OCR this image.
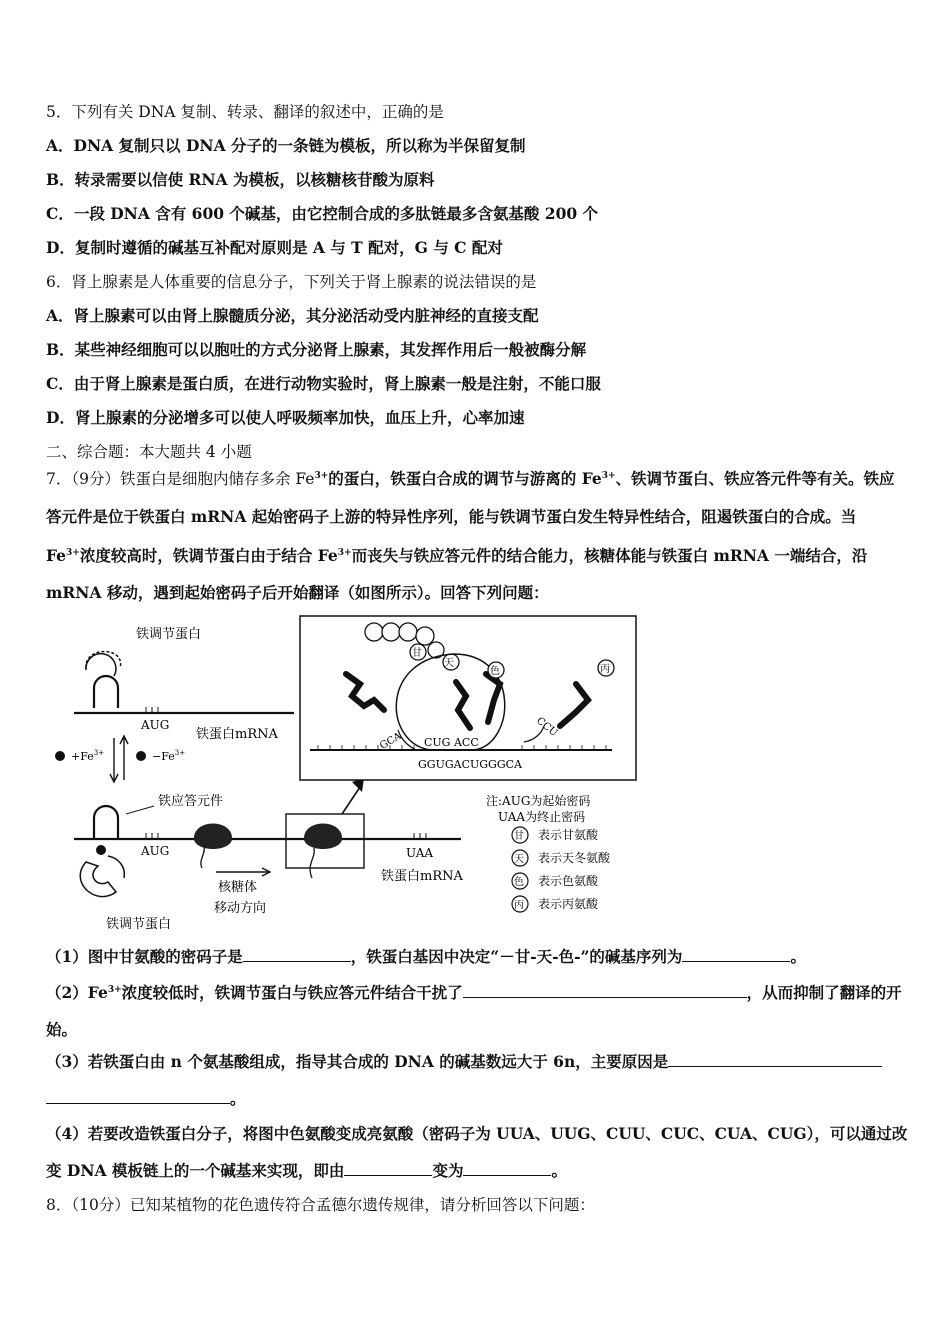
5．下列有关 DNA 复制、转录、翻译的叙述中，正确的是
A．DNA 复制只以 DNA 分子的一条链为模板，所以称为半保留复制
B．转录需要以信使 RNA 为模板，以核糖核苷酸为原料
C．一段 DNA 含有 600 个碱基，由它控制合成的多肽链最多含氨基酸 200 个
D．复制时遵循的碱基互补配对原则是 A 与 T 配对，G 与 C 配对
6．肾上腺素是人体重要的信息分子，下列关于肾上腺素的说法错误的是
A．肾上腺素可以由肾上腺髓质分泌，其分泌活动受内脏神经的直接支配
B．某些神经细胞可以以胞吐的方式分泌肾上腺素，其发挥作用后一般被酶分解
C．由于肾上腺素是蛋白质，在进行动物实验时，肾上腺素一般是注射，不能口服
D．肾上腺素的分泌增多可以使人呼吸频率加快，血压上升，心率加速
二、综合题：本大题共 4 小题
7．（9分）铁蛋白是细胞内储存多余 $Fe^{3+}$的蛋白，铁蛋白合成的调节与游离的 $Fe^{3+}$、铁调节蛋白、铁应答元件等有关。铁应答元件是位于铁蛋白 mRNA 起始密码子上游的特异性序列，能与铁调节蛋白发生特异性结合，阻遏铁蛋白的合成。当 $Fe^{3+}$浓度较高时，铁调节蛋白由于结合 $Fe^{3+}$而丧失与铁应答元件的结合能力，核糖体能与铁蛋白 mRNA 一端结合，沿 mRNA 移动，遇到起始密码子后开始翻译（如图所示）。回答下列问题：
铁调节蛋白
AUG
铁蛋白mRNA
$+Fe^{3+}$	$-Fe^{3+}$
铁应答元件
AUG	UAA
铁蛋白mRNA
铁调节蛋白
核糖体
移动方向
天
甘
色	丙
GCA
CCU
CUG ACC
GGUGACUGGGCA
注:AUG为起始密码
UAA为终止密码
甘 表示甘氨酸
天 表示天冬氨酸
色 表示色氨酸
丙 表示丙氨酸
（1）图中甘氨酸的密码子是	，铁蛋白基因中决定“－甘-天-色-”的碱基序列为	。
$(2)Fe^{3+}$浓度较低时，铁调节蛋白与铁应答元件结合干扰了	，从而抑制了翻译的开始。
（3）若铁蛋白由 n 个氨基酸组成，指导其合成的 DNA 的碱基数远大于 6n，主要原因是
。
（4）若要改造铁蛋白分子，将图中色氨酸变成亮氨酸（密码子为 UUA、UUG、CUU、CUC、CUA、CUG），可以通过改变 DNA 模板链上的一个碱基来实现，即由	变为	。
8．（10分）已知某植物的花色遗传符合孟德尔遗传规律，请分析回答以下问题：
